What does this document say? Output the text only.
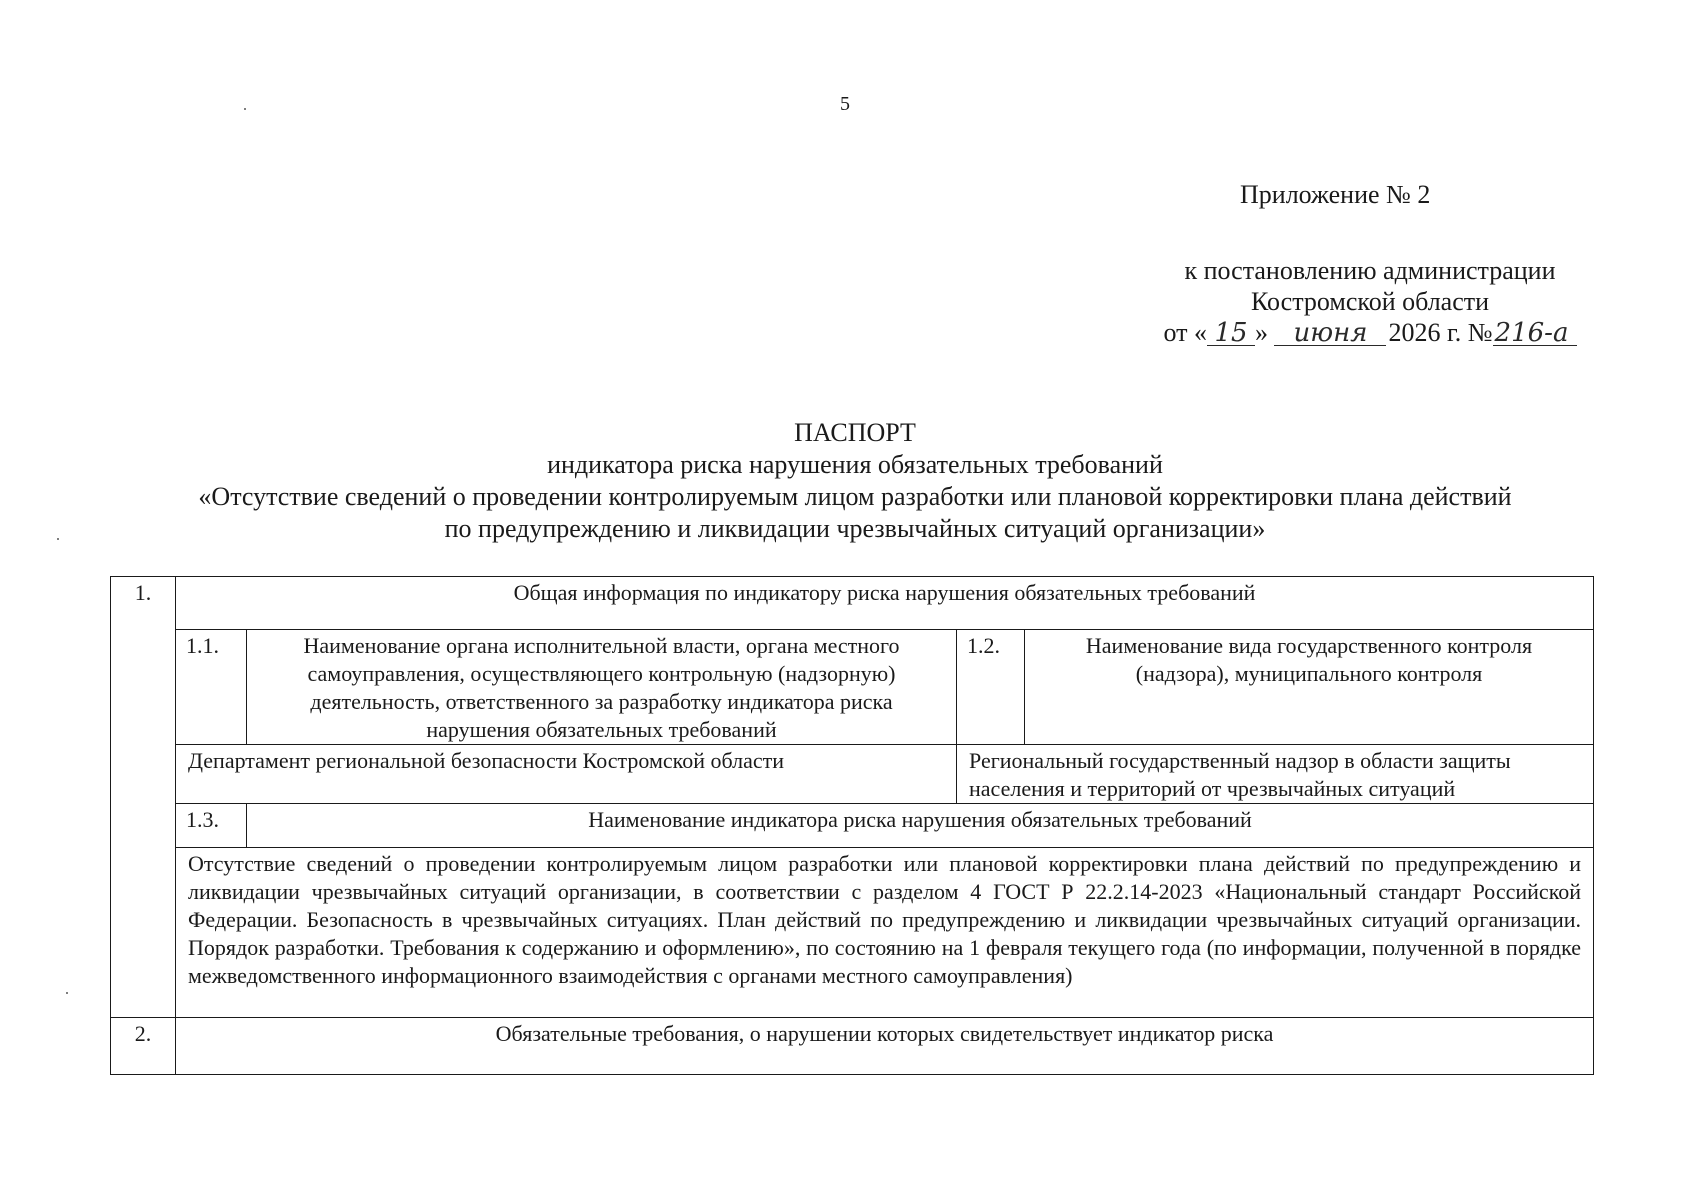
5
Приложение № 2
к постановлению администрации
Костромской области
от « 15 » июня 2026 г. №216-а
ПАСПОРТ
индикатора риска нарушения обязательных требований
«Отсутствие сведений о проведении контролируемым лицом разработки или плановой корректировки плана действий
по предупреждению и ликвидации чрезвычайных ситуаций организации»
1.	Общая информация по индикатору риска нарушения обязательных требований			
	1.1.	Наименование органа исполнительной власти, органа местного самоуправления, осуществляющего контрольную (надзорную) деятельность, ответственного за разработку индикатора риска нарушения обязательных требований	1.2.	Наименование вида государственного контроля (надзора), муниципального контроля
	Департамент региональной безопасности Костромской области		Региональный государственный надзор в области защиты населения и территорий от чрезвычайных ситуаций	
	1.3.	Наименование индикатора риска нарушения обязательных требований		
	Отсутствие сведений о проведении контролируемым лицом разработки или плановой корректировки плана действий по предупреждению и ликвидации чрезвычайных ситуаций организации, в соответствии с разделом 4 ГОСТ Р 22.2.14-2023 «Национальный стандарт Российской Федерации. Безопасность в чрезвычайных ситуациях. План действий по предупреждению и ликвидации чрезвычайных ситуаций организации. Порядок разработки. Требования к содержанию и оформлению», по состоянию на 1 февраля текущего года (по информации, полученной в порядке межведомственного информационного взаимодействия с органами местного самоуправления)			

2.	Обязательные требования, о нарушении которых свидетельствует индикатор риска			
